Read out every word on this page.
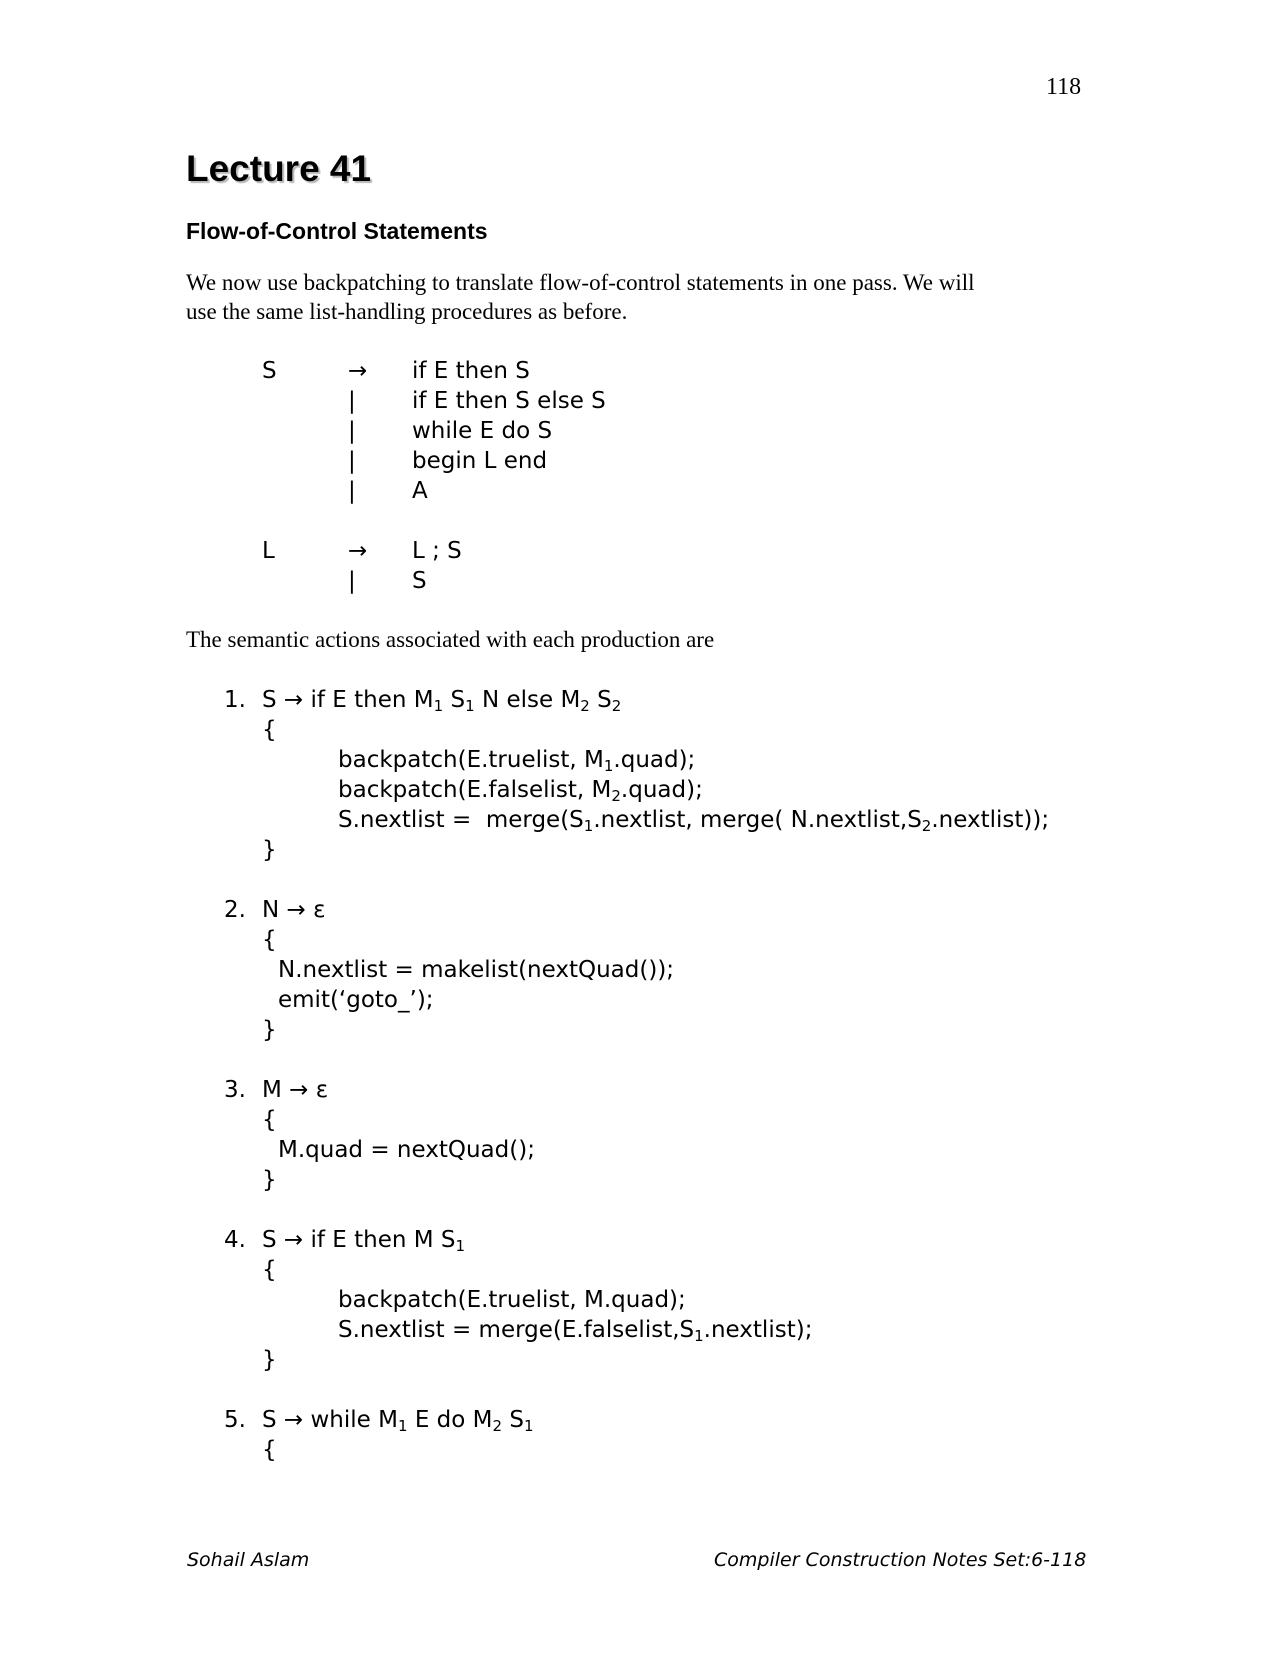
118
Lecture 41
Flow-of-Control Statements
We now use backpatching to translate flow-of-control statements in one pass. We will
use the same list-handling procedures as before.
S	→ if E then S
| if E then S else S
| while E do S
| begin L end
| A
L	→ L ; S
| S
The semantic actions associated with each production are
1. S → if E then $M_1$ $S_1$ N else $M_2$ $S_2$
{
backpatch(E.truelist, $M_1.quad$);
backpatch(E.falselist, $M_2.quad$);
S.nextlist =  $merge(S_1.nextlist$, merge( $N.nextlist,S_2.nextlist$));
}
2. N → ε
{
N.nextlist = makelist(nextQuad());
emit(‘goto_’);
}
3. M → ε
{
M.quad = nextQuad();
}
4. S → if E then M $S_1$
{
backpatch(E.truelist, M.quad);
S.nextlist = $merge(E.falselist,S_1.nextlist)$;
}
5. S → while $M_1$ E do $M_2$ $S_1$
{
Sohail Aslam	Compiler Construction Notes Set:6-118
